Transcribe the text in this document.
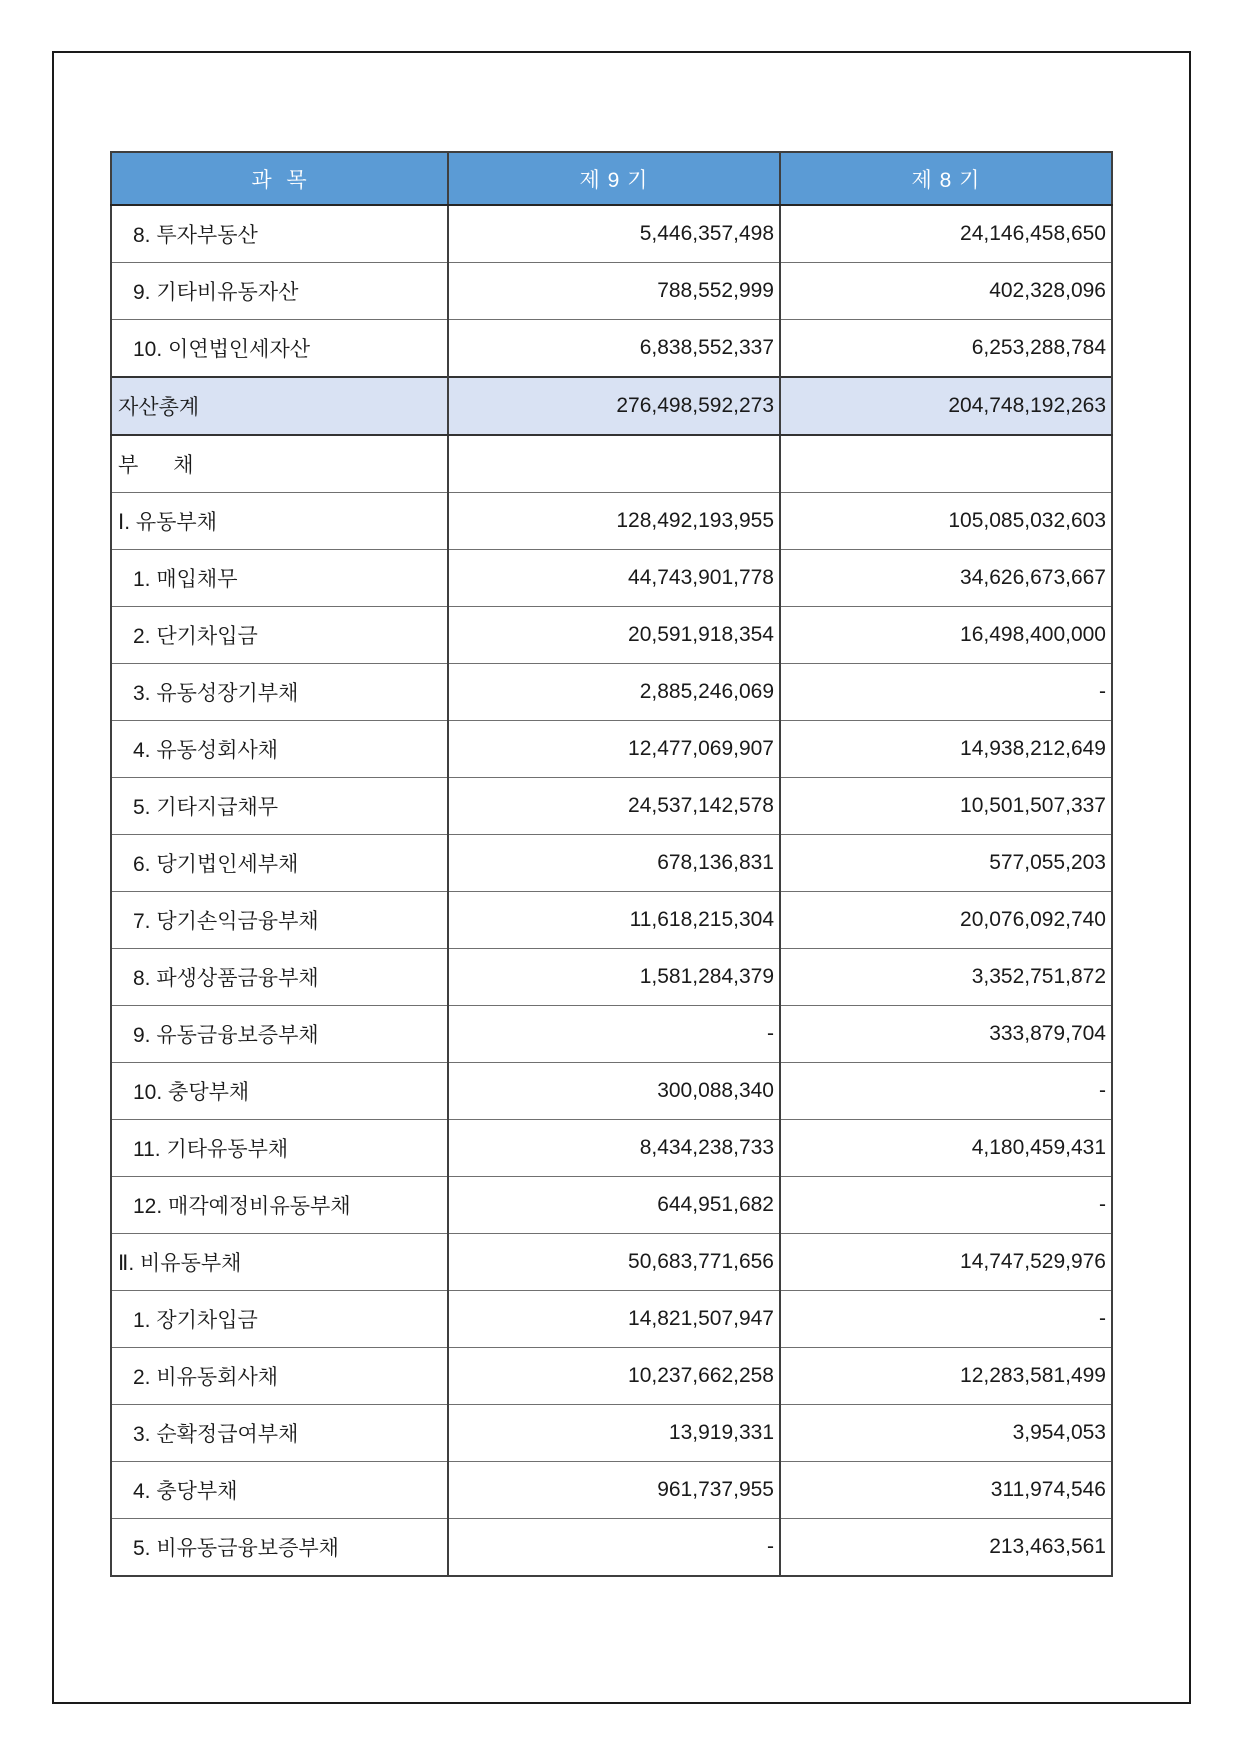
과  목	제 9 기	제 8 기
8. 투자부동산	5,446,357,498	24,146,458,650
9. 기타비유동자산	788,552,999	402,328,096
10. 이연법인세자산	6,838,552,337	6,253,288,784
자산총계	276,498,592,273	204,748,192,263
부      채		
Ⅰ. 유동부채	128,492,193,955	105,085,032,603
1. 매입채무	44,743,901,778	34,626,673,667
2. 단기차입금	20,591,918,354	16,498,400,000
3. 유동성장기부채	2,885,246,069	-
4. 유동성회사채	12,477,069,907	14,938,212,649
5. 기타지급채무	24,537,142,578	10,501,507,337
6. 당기법인세부채	678,136,831	577,055,203
7. 당기손익금융부채	11,618,215,304	20,076,092,740
8. 파생상품금융부채	1,581,284,379	3,352,751,872
9. 유동금융보증부채	-	333,879,704
10. 충당부채	300,088,340	-
11. 기타유동부채	8,434,238,733	4,180,459,431
12. 매각예정비유동부채	644,951,682	-
Ⅱ. 비유동부채	50,683,771,656	14,747,529,976
1. 장기차입금	14,821,507,947	-
2. 비유동회사채	10,237,662,258	12,283,581,499
3. 순확정급여부채	13,919,331	3,954,053
4. 충당부채	961,737,955	311,974,546
5. 비유동금융보증부채	-	213,463,561
